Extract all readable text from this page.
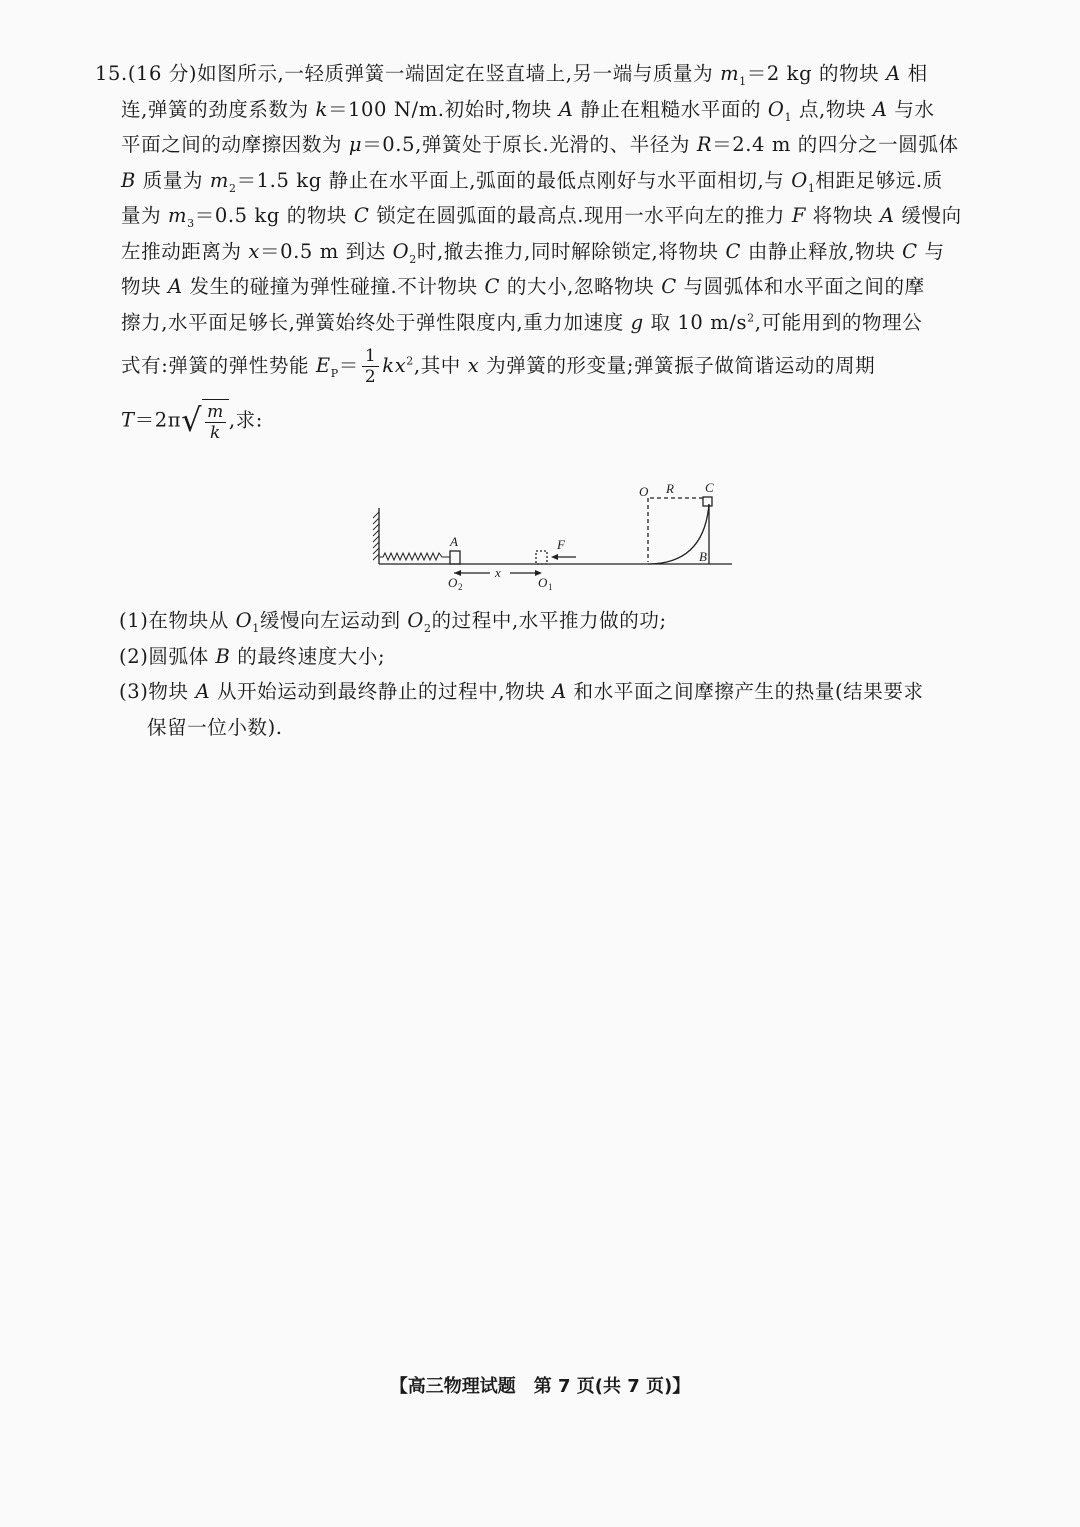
15.(16 分)如图所示,一轻质弹簧一端固定在竖直墙上,另一端与质量为 $m_1=2$ kg 的物块 A 相

连,弹簧的劲度系数为 k＝100 N/m.初始时,物块 A 静止在粗糙水平面的 $O_1$ 点,物块 A 与水

平面之间的动摩擦因数为 μ＝0.5,弹簧处于原长.光滑的、半径为 R＝2.4 m 的四分之一圆弧体

B 质量为 $m_2=1.5$ kg 静止在水平面上,弧面的最低点刚好与水平面相切,与 $O_1$相距足够远.质

量为 $m_3=0.5$ kg 的物块 C 锁定在圆弧面的最高点.现用一水平向左的推力 F 将物块 A 缓慢向

左推动距离为 x＝0.5 m 到达 $O_2$时,撤去推力,同时解除锁定,将物块 C 由静止释放,物块 C 与

物块 A 发生的碰撞为弹性碰撞.不计物块 C 的大小,忽略物块 C 与圆弧体和水平面之间的摩

擦力,水平面足够长,弹簧始终处于弹性限度内,重力加速度 g 取 10 $m/s^2$,可能用到的物理公

式有:弹簧的弹性势能 $E_P= \frac{1}{2} kx^2$,其中 x 为弹簧的形变量;弹簧振子做简谐运动的周期

T＝2π √ $\frac{m}{k}$ ,求:

O R C
A	F
B
O 2
x
O 1

(1)在物块从 $O_1$缓慢向左运动到 $O_2$的过程中,水平推力做的功;

(2)圆弧体 B 的最终速度大小;

(3)物块 A 从开始运动到最终静止的过程中,物块 A 和水平面之间摩擦产生的热量(结果要求

保留一位小数).

【高三物理试题　第 7 页(共 7 页)】
